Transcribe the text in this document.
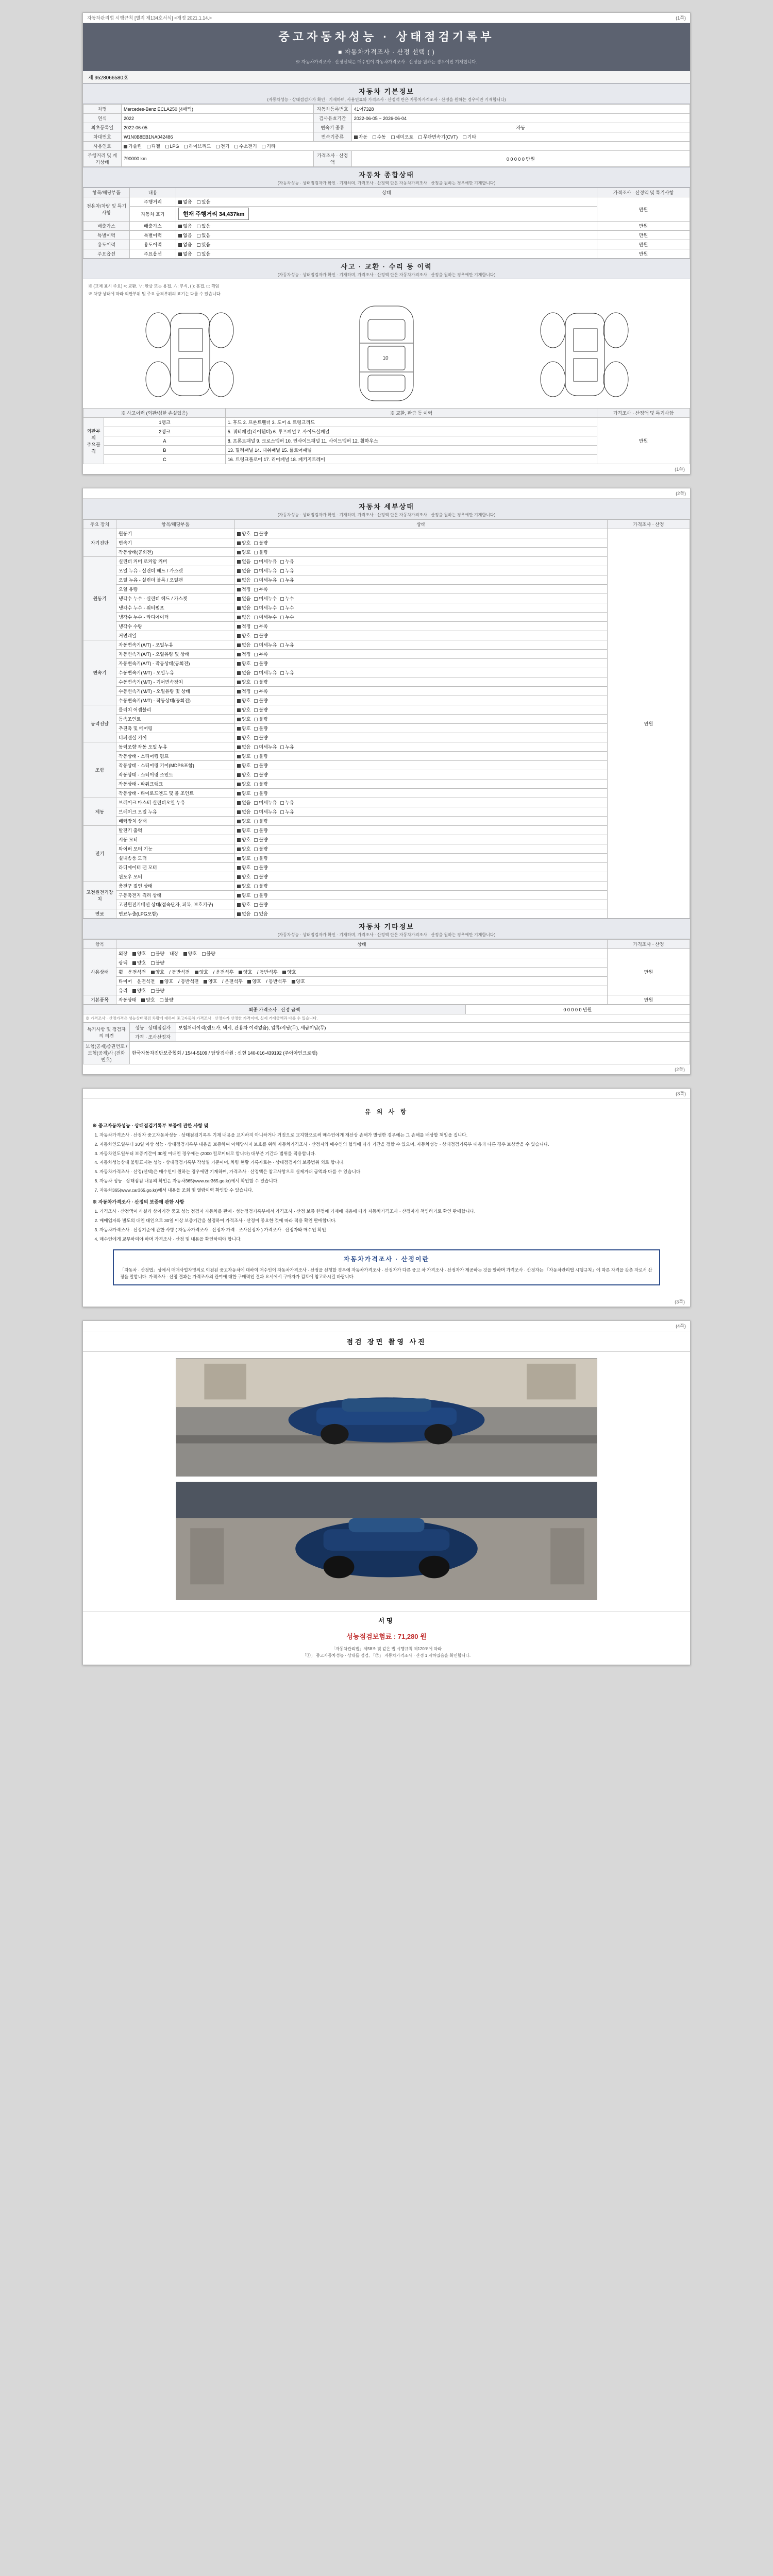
자동차관리법 시행규칙 [별지 제134호서식] <개정 2021.1.14.>	(1쪽)
중고자동차성능 · 상태점검기록부
■ 자동차가격조사 · 산정 선택 ( )
※ 자동차가격조사 · 산정선택은 매수인이 자동차가격조사 · 산정을 원하는 경우에만 기재합니다.
제 9528066580호
자동차 기본정보
(자동차성능 · 상태점검자가 확인 · 기재하며, 사용연료와 가격조사 · 산정액 란은 자동차가격조사 · 산정을 원하는 경우에만 기재합니다)
차명	Mercedes-Benz ECLA250 (4매틱)	자동차등록번호	41어7328
연식	2022	검사유효기간	2022-06-05 ~ 2026-06-04
최초등록일	2022-06-05	변속기 종류	자동
차대번호	W1N0B8EB1NA042486	변속기종류	자동 수동 세미오토 무단변속기(CVT) 기타
사용연료	가솔린 디젤 LPG 하이브리드 전기 수소전기 기타		
주행거리 및 계기상태	790000 km	가격조사 · 산정액	0 0 0 0 0 만원
자동차 종합상태
(자동차성능 · 상태점검자가 확인 · 기재하며, 가격조사 · 산정액 란은 자동차가격조사 · 산정을 원하는 경우에만 기재합니다)
항목/해당부품	내용	상태	가격조사 · 산정액 및 특기사항
전용차/차량 및 특기사항	주행거리	없음 있음	만원
	자동차 표기	현재 주행거리 34,437km	
배출가스	배출가스	없음 있음	만원
특별이력	특별이력	없음 있음	만원
용도이력	용도이력	없음 있음	만원
주요옵션	주요옵션	없음 있음	만원
사고 · 교환 · 수리 등 이력
(자동차성능 · 상태점검자가 확인 · 기재하며, 가격조사 · 산정액 란은 자동차가격조사 · 산정을 원하는 경우에만 기재합니다)
※ (교체 표시 주요) ×: 교환, ∨: 판금 또는 용접, ∧: 부식, ( ): 흠집, □: 꺾임
※ 차량 상태에 따라 외판부위 및 주요 골격부위의 표기는 다를 수 있습니다.
10
※ 사고이력 (외판/심한 손실있음)		※ 교환, 판금 등 이력	가격조사 · 산정액 및 특기사항

외판부위
주요골격	1랭크	1. 후드 2. 프론트휀더 3. 도어 4. 트렁크리드	만원
	2랭크	5. 쿼터패널(리어휀더) 6. 루프패널 7. 사이드실패널	
	A	8. 프론트패널 9. 크로스멤버 10. 인사이드패널 11. 사이드멤버 12. 휠하우스	
	B	13. 필러패널 14. 대쉬패널 15. 플로어패널	
	C	16. 트렁크플로어 17. 리어패널 18. 패키지트레이	
(1쪽)
(2쪽)
자동차 세부상태
(자동차성능 · 상태점검자가 확인 · 기재하며, 가격조사 · 산정액 란은 자동차가격조사 · 산정을 원하는 경우에만 기재합니다)
주요 장치	항목/해당부품	상태	가격조사 · 산정
자기진단	원동기	양호 불량	만원
	변속기	양호 불량	
	작동상태(공회전)	양호 불량	
원동기	실린더 커버 로커암 커버	없음 미세누유 누유	
	오일 누유 - 실린더 헤드 / 가스켓	없음 미세누유 누유	
	오일 누유 - 실린더 블록 / 오일팬	없음 미세누유 누유	
	오일 유량	적정 부족	
	냉각수 누수 - 실린더 헤드 / 가스켓	없음 미세누수 누수	
	냉각수 누수 - 워터펌프	없음 미세누수 누수	
	냉각수 누수 - 라디에이터	없음 미세누수 누수	
	냉각수 수량	적정 부족	
	커먼레일	양호 불량	
변속기	자동변속기(A/T) - 오일누유	없음 미세누유 누유	
	자동변속기(A/T) - 오일유량 및 상태	적정 부족	
	자동변속기(A/T) - 작동상태(공회전)	양호 불량	
	수동변속기(M/T) - 오일누유	없음 미세누유 누유	
	수동변속기(M/T) - 기어변속장치	양호 불량	
	수동변속기(M/T) - 오일유량 및 상태	적정 부족	
	수동변속기(M/T) - 작동상태(공회전)	양호 불량	
동력전달	클러치 어셈블리	양호 불량	
	등속조인트	양호 불량	
	추진축 및 베어링	양호 불량	
	디퍼렌셜 기어	양호 불량	
조향	동력조향 작동 오일 누유	없음 미세누유 누유	
	작동상태 - 스티어링 펌프	양호 불량	
	작동상태 - 스티어링 기어(MDPS포함)	양호 불량	
	작동상태 - 스티어링 조인트	양호 불량	
	작동상태 - 파워크랭크	양호 불량	
	작동상태 - 타이로드엔드 및 볼 조인트	양호 불량	
제동	브레이크 마스터 실린더오일 누유	없음 미세누유 누유	
	브레이크 오일 누유	없음 미세누유 누유	
	배력장치 상태	양호 불량	
전기	발전기 출력	양호 불량	
	시동 모터	양호 불량	
	와이퍼 모터 기능	양호 불량	
	실내송풍 모터	양호 불량	
	라디에이터 팬 모터	양호 불량	
	윈도우 모터	양호 불량	
고전원전기장치	충전구 절연 상태	양호 불량	
	구동축전지 격리 상태	양호 불량	
	고전원전기배선 상태(접속단자, 피복, 보호기구)	양호 불량	
연료	연료누출(LPG포함)	없음 있음	
자동차 기타정보
(자동차성능 · 상태점검자가 확인 · 기재하며, 가격조사 · 산정액 란은 자동차가격조사 · 산정을 원하는 경우에만 기재합니다)
항목	상태	가격조사 · 산정
사용상태	외장 양호 불량 내장 양호 불량	만원
	광택 양호 불량	
	휠 운전석전 양호 / 동반석전 양호 / 운전석후 양호 / 동반석후 양호	
	타이어 운전석전 양호 / 동반석전 양호 / 운전석후 양호 / 동반석후 양호	
	유리 양호 불량	
기본품목	작동상태 양호 불량	만원
최종 가격조사 · 산정 금액	0 0 0 0 0 만원
※ 가격조사 · 산정가격은 성능상태점검 차량에 대하여 중고자동차 가격조사 · 산정자가 산정한 가격이며, 실제 거래금액과 다를 수 있습니다.
특기사항 및 점검자의 의견	성능 · 상태점검자	보험처리이력(렌트카, 택시, 관용차 이력없음), 압류/저당(무), 세금미납(무)
	가격 · 조사산정자	
보험(공제)증권번호 / 보험(공제)사 (전화번호)	한국자동차진단보증협회 / 1544-5109 / 담당검사원 : 신현 140-016-439192 (주아아인크로웰)	
(2쪽)
(3쪽)
유 의 사 항
※ 중고자동차성능 · 상태점검기록부 보증에 관한 사항 및
1. 자동차가격조사 · 산정자 중고자동차성능 · 상태점검기록부 기재 내용을 교지하지 아니하거나 거짓으로 교지함으로써 매수인에게 재산상 손해가 발생한 경우에는 그 손해를 배상할 책임을 집니다.
2. 자동차인도일부터 30일 이상 성능 · 상태점검기록부 내용을 보증하여 이해당사자 보호를 위해 자동차가격조사 · 산정자와 매수인의 협의에 따라 기간을 정할 수 있으며, 자동차성능 · 상태점검기록부 내용과 다른 경우 보상받을 수 있습니다.
3. 자동차인도일부터 보증기간이 30일 이내인 경우에는 (2000 킬로미터로 합니다) 대부분 기간과 범위를 적용합니다.
4. 자동차성능상태 불량표시는 성능 · 상태점검기록부 작성일 기준이며, 차량 현황 기록자료는 · 상태점검자의 보증범위 외로 합니다.
5. 자동차가격조사 · 산정(선택)은 매수인이 원하는 경우에만 기재하며, 가격조사 · 산정액은 참고사항으로 실제거래 금액과 다를 수 있습니다.
6. 자동차 성능 · 상태점검 내용의 확인은 자동차365(www.car365.go.kr)에서 확인할 수 있습니다.
7. 자동차365(www.car365.go.kr)에서 내용을 조회 및 열람이력 확인할 수 있습니다.
※ 자동차가격조사 · 산정의 보증에 관한 사항
1. 가격조사 · 산정액이 사실과 상이기간 중고 성능 점검자 자동차를 판매 · 성능점검기록부에서 가격조사 · 산정 보증 한정에 기재에 내용에 따라 자동차가격조사 · 산정자가 책임하기로 확인 판매합니다.
2. 매매업자와 별도의 대인 대인으로 30일 이상 보증기간을 설정하여 가격조사 · 산정이 중요한 것에 따라 적용 확인 판매합니다.
3. 자동차가격조사 · 산정기준에 관한 사항 ( 자동차가격조사 · 산정자 가격 · 조사산정자 ) 가격조사 · 산정자와 매수인 확인
4. 매수인에게 교부하여야 하며 가격조사 · 산정 및 내용을 확인하여야 합니다.
자동차가격조사 · 산정이란
「자동차 · 산정법」상에서 매매사업자명의로 이전된 중고자동차에 대하여 매수인이 자동차가격조사 · 산정을 신청할 경우에 자동차가격조사 · 산정자가 다른 중고 차 가격조사 · 산정자가 제공하는 것을 말하며 가격조사 · 산정자는 「자동차관리법 시행규칙」에 따른 자격을 갖춘 자로서 산정을 말합니다. 가격조사 · 산정 결과는 가격조사의 관여에 대한 구매력인 결과 요서에서 구매자가 검토에 참고하시길 바랍니다.
(3쪽)
(4쪽)
점검 장면 촬영 사진
서명
성능점검보험료 : 71,280 원
「자동차관리법」제58조 및 같은 법 시행규칙 제120조에 따라
「①」 중고자동차성능 · 상태를 점검, 「②」 자동차가격조사 · 산정 1 자하였음을 확인합니다.
